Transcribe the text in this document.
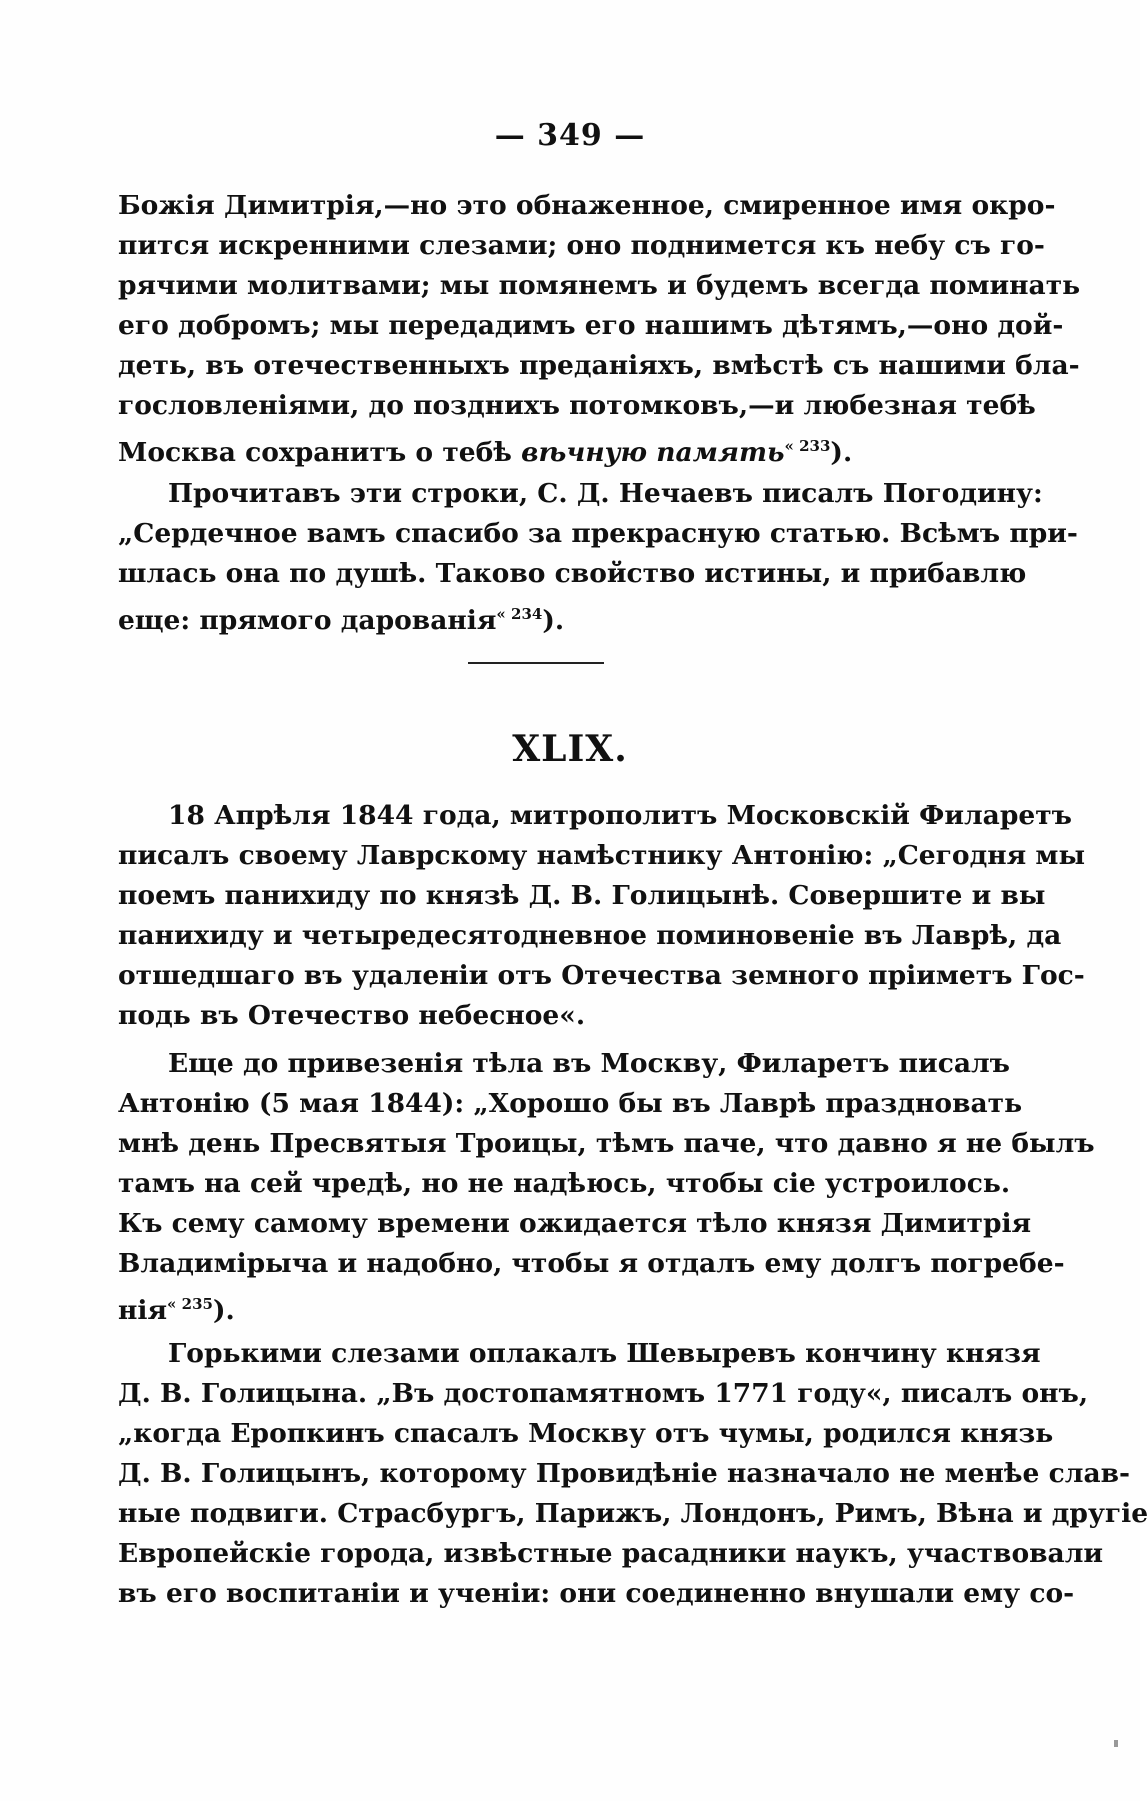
— 349 —
Божія Димитрія,—но это обнаженное, смиренное имя окро-
пится искренними слезами; оно поднимется къ небу съ го-
рячими молитвами; мы помянемъ и будемъ всегда поминать
его добромъ; мы передадимъ его нашимъ дѣтямъ,—оно дой-
деть, въ отечественныхъ преданіяхъ, вмѣстѣ съ нашими бла-
гословленіями, до позднихъ потомковъ,—и любезная тебѣ
Москва сохранитъ о тебѣ вѣчную память$^{« 233}$).
Прочитавъ эти строки, С. Д. Нечаевъ писалъ Погодину:
„Сердечное вамъ спасибо за прекрасную статью. Всѣмъ при-
шлась она по душѣ. Таково свойство истины, и прибавлю
еще: прямого дарованія$^{« 234}$).
XLIX.
18 Апрѣля 1844 года, митрополитъ Московскій Филаретъ
писалъ своему Лаврскому намѣстнику Антонію: „Сегодня мы
поемъ панихиду по князѣ Д. В. Голицынѣ. Совершите и вы
панихиду и четыредесятодневное поминовеніе въ Лаврѣ, да
отшедшаго въ удаленіи отъ Отечества земного пріиметъ Гос-
подь въ Отечество небесное«.
Еще до привезенія тѣла въ Москву, Филаретъ писалъ
Антонію (5 мая 1844): „Хорошо бы въ Лаврѣ праздновать
мнѣ день Пресвятыя Троицы, тѣмъ паче, что давно я не былъ
тамъ на сей чредѣ, но не надѣюсь, чтобы сіе устроилось.
Къ сему самому времени ожидается тѣло князя Димитрія
Владимірыча и надобно, чтобы я отдалъ ему долгъ погребе-
нія$^{« 235}$).
Горькими слезами оплакалъ Шевыревъ кончину князя
Д. В. Голицына. „Въ достопамятномъ 1771 году«, писалъ онъ,
„когда Еропкинъ спасалъ Москву отъ чумы, родился князь
Д. В. Голицынъ, которому Провидѣніе назначало не менѣе слав-
ные подвиги. Страсбургъ, Парижъ, Лондонъ, Римъ, Вѣна и другіе
Европейскіе города, извѣстные расадники наукъ, участвовали
въ его воспитаніи и ученіи: они соединенно внушали ему со-
